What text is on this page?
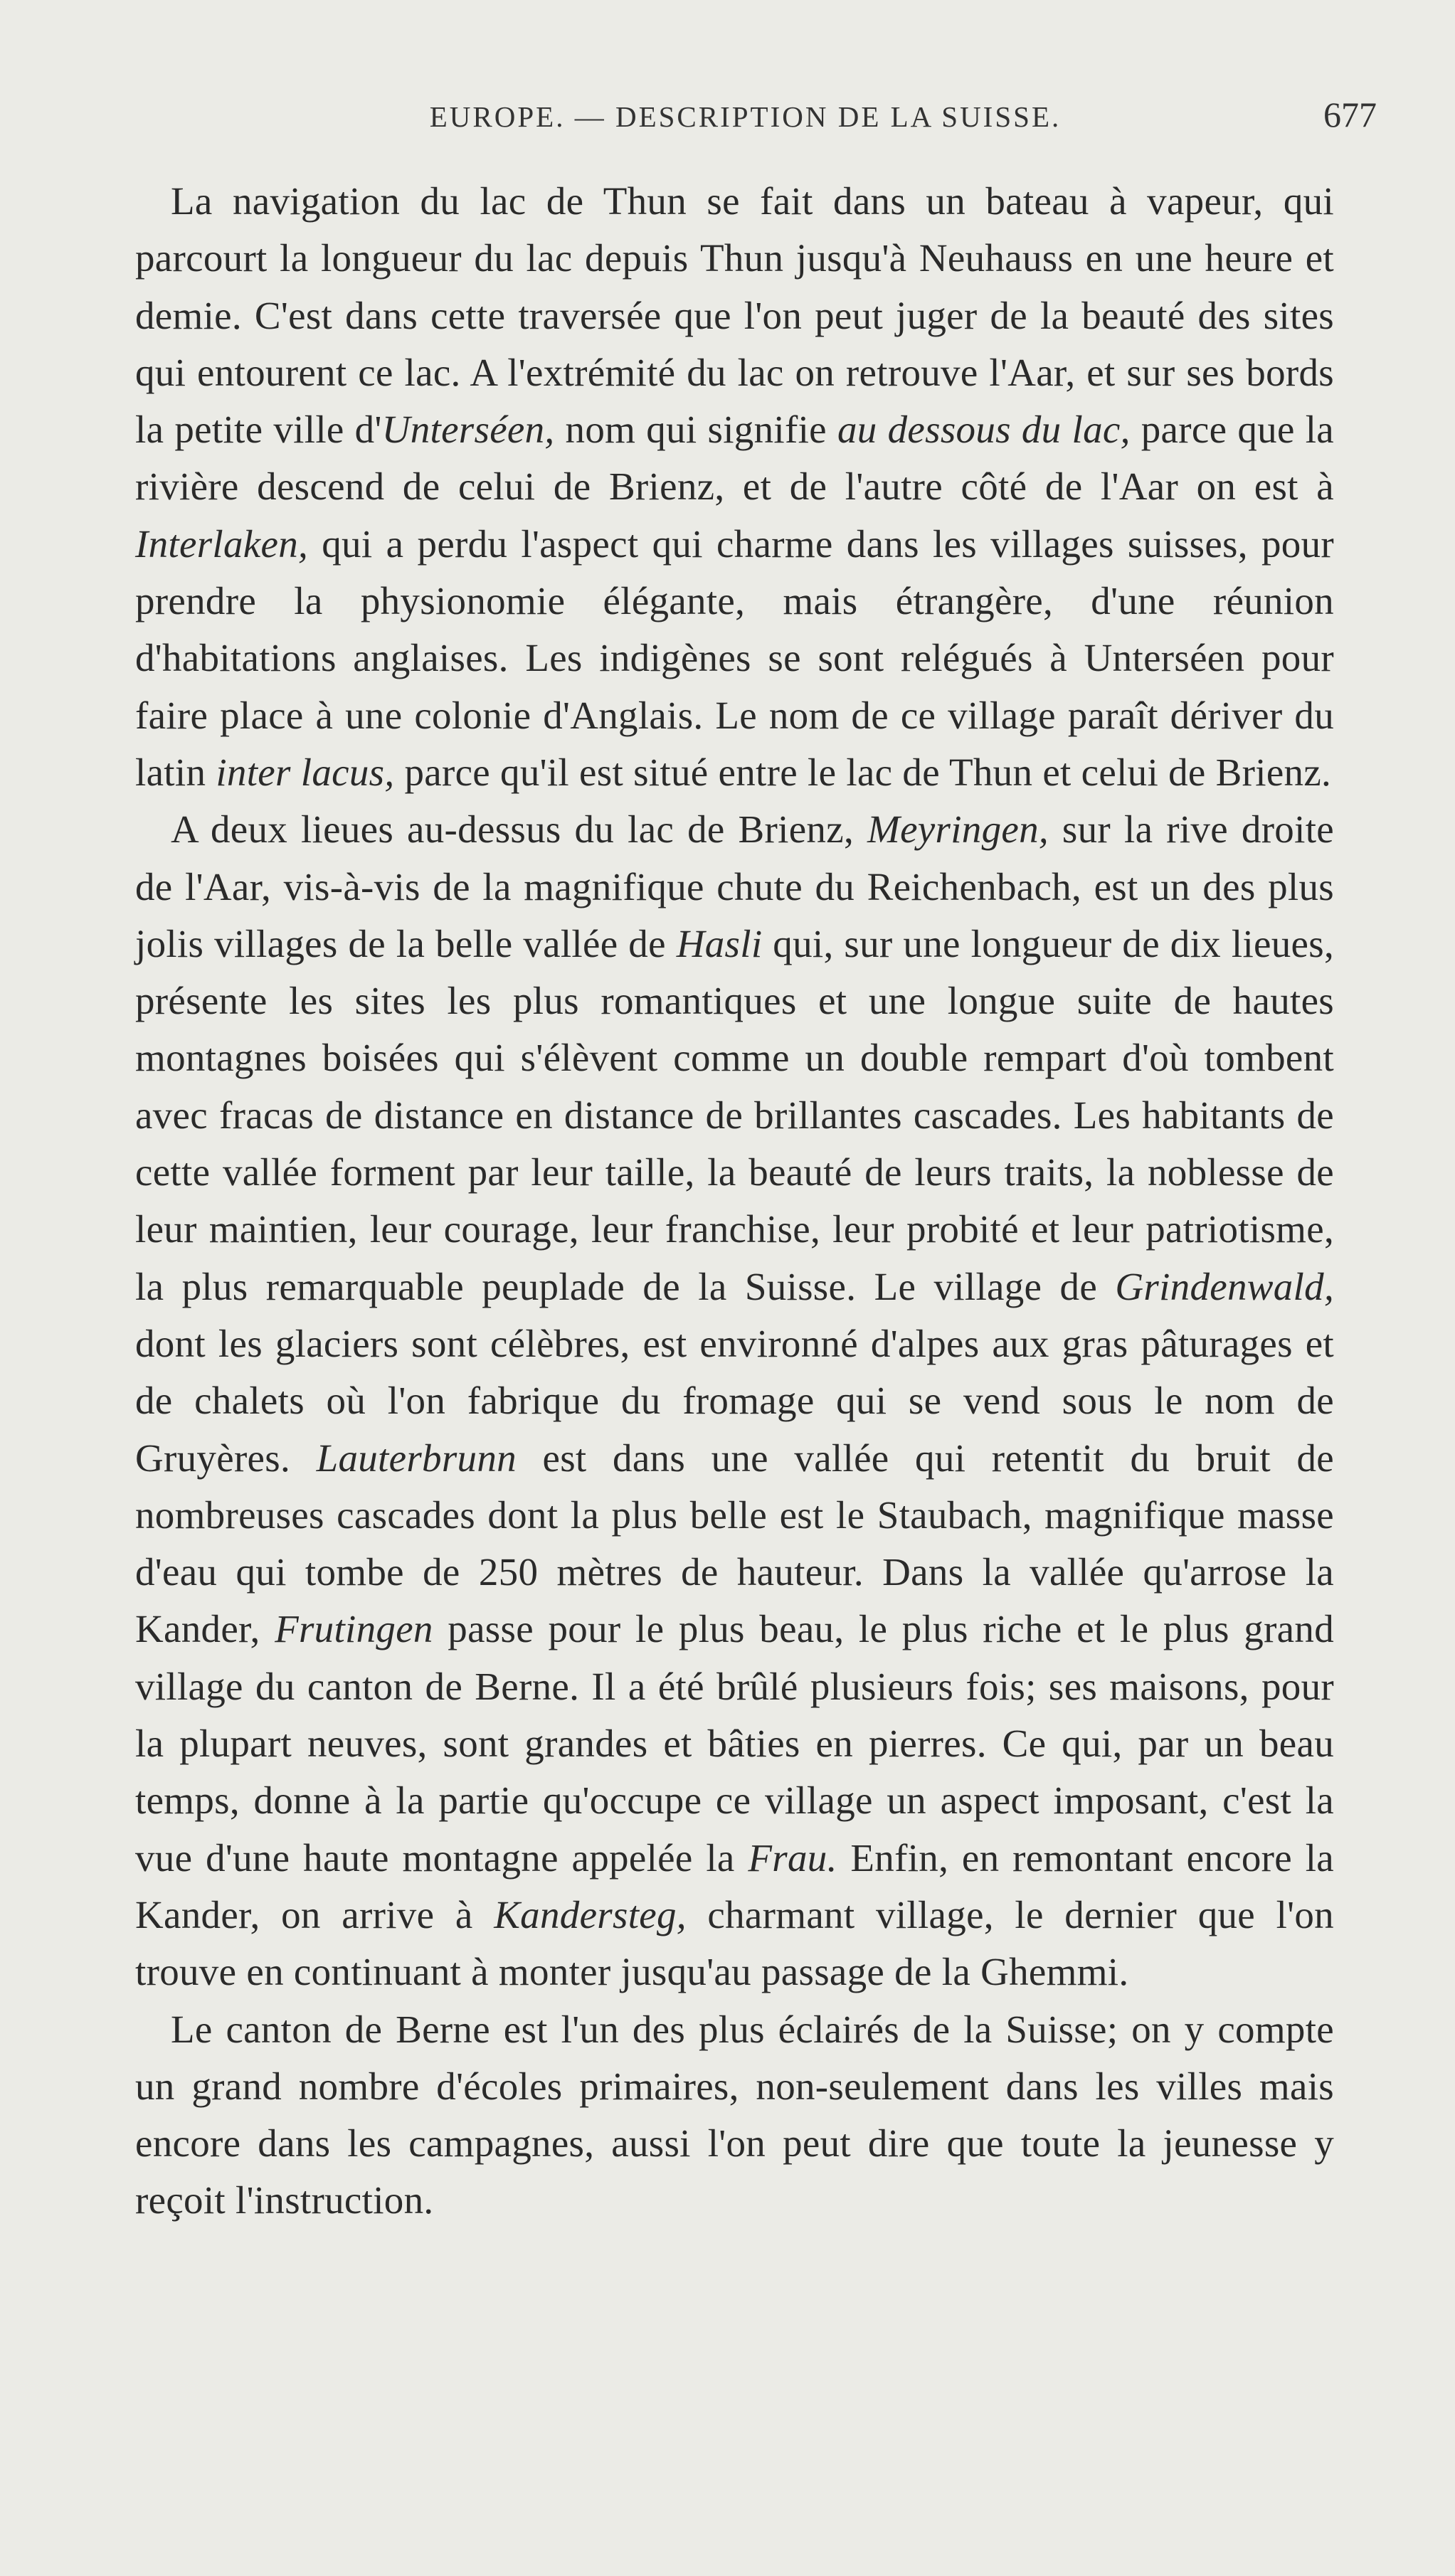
EUROPE. — DESCRIPTION DE LA SUISSE.	677

La navigation du lac de Thun se fait dans un bateau à vapeur, qui parcourt la longueur du lac depuis Thun jusqu'à Neuhauss en une heure et demie. C'est dans cette traversée que l'on peut juger de la beauté des sites qui entourent ce lac. A l'extrémité du lac on retrouve l'Aar, et sur ses bords la petite ville d'Unterséen, nom qui signifie au dessous du lac, parce que la rivière descend de celui de Brienz, et de l'autre côté de l'Aar on est à Interlaken, qui a perdu l'aspect qui charme dans les villages suisses, pour prendre la physionomie élégante, mais étrangère, d'une réunion d'habitations anglaises. Les indigènes se sont relégués à Unterséen pour faire place à une colonie d'Anglais. Le nom de ce village paraît dériver du latin inter lacus, parce qu'il est situé entre le lac de Thun et celui de Brienz.

A deux lieues au-dessus du lac de Brienz, Meyringen, sur la rive droite de l'Aar, vis-à-vis de la magnifique chute du Reichenbach, est un des plus jolis villages de la belle vallée de Hasli qui, sur une longueur de dix lieues, présente les sites les plus romantiques et une longue suite de hautes montagnes boisées qui s'élèvent comme un double rempart d'où tombent avec fracas de distance en distance de brillantes cascades. Les habitants de cette vallée forment par leur taille, la beauté de leurs traits, la noblesse de leur maintien, leur courage, leur franchise, leur probité et leur patriotisme, la plus remarquable peuplade de la Suisse. Le village de Grindenwald, dont les glaciers sont célèbres, est environné d'alpes aux gras pâturages et de chalets où l'on fabrique du fromage qui se vend sous le nom de Gruyères. Lauterbrunn est dans une vallée qui retentit du bruit de nombreuses cascades dont la plus belle est le Staubach, magnifique masse d'eau qui tombe de 250 mètres de hauteur. Dans la vallée qu'arrose la Kander, Frutingen passe pour le plus beau, le plus riche et le plus grand village du canton de Berne. Il a été brûlé plusieurs fois; ses maisons, pour la plupart neuves, sont grandes et bâties en pierres. Ce qui, par un beau temps, donne à la partie qu'occupe ce village un aspect imposant, c'est la vue d'une haute montagne appelée la Frau. Enfin, en remontant encore la Kander, on arrive à Kandersteg, charmant village, le dernier que l'on trouve en continuant à monter jusqu'au passage de la Ghemmi.

Le canton de Berne est l'un des plus éclairés de la Suisse; on y compte un grand nombre d'écoles primaires, non-seulement dans les villes mais encore dans les campagnes, aussi l'on peut dire que toute la jeunesse y reçoit l'instruction.
